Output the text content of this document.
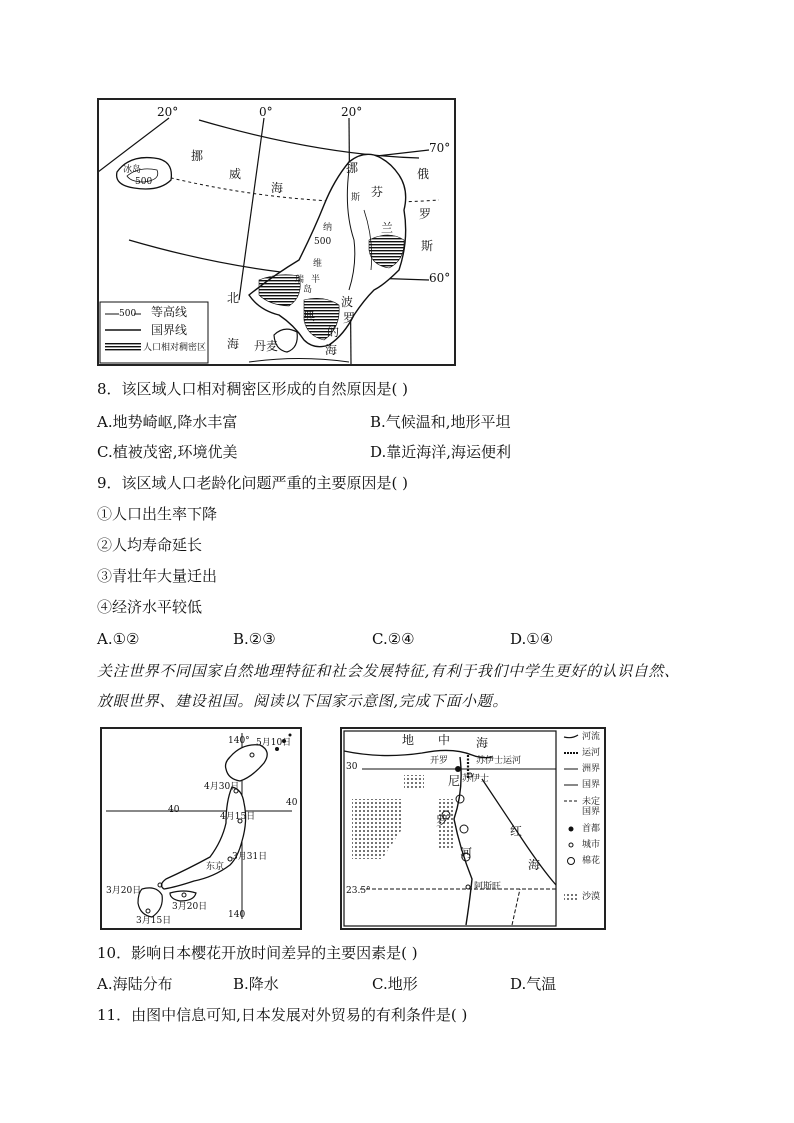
20°	0°	20°
70°
60°
冰岛
500
挪
威
海
挪
芬
兰
俄
罗
斯
北
海 丹麦
波
罗
的
海
典
瑞 半
维
纳
斯
岛
500
500 等高线
国界线
人口相对稠密区
8．该区域人口相对稠密区形成的自然原因是( )
A.地势崎岖,降水丰富	B.气候温和,地形平坦
C.植被茂密,环境优美	D.靠近海洋,海运便利
9．该区域人口老龄化问题严重的主要原因是( )
①人口出生率下降
②人均寿命延长
③青壮年大量迁出
④经济水平较低
A.①②	B.②③	C.②④	D.①④
关注世界不同国家自然地理特征和社会发展特征,有利于我们中学生更好的认识自然、
放眼世界、建设祖国。阅读以下国家示意图,完成下面小题。
140°
140
40
40
5月10日
4月30日
4月15日
3月31日
东京
3月20日
3月20日
3月15日
地 中 海
开罗	苏伊士运河
尼 苏伊士
罗
河
红
海
阿斯旺
30
23.5°
河流
运河
洲界
国界
未定国界
首都
城市
棉花
沙漠
10．影响日本樱花开放时间差异的主要因素是( )
A.海陆分布	B.降水	C.地形	D.气温
11．由图中信息可知,日本发展对外贸易的有利条件是( )
